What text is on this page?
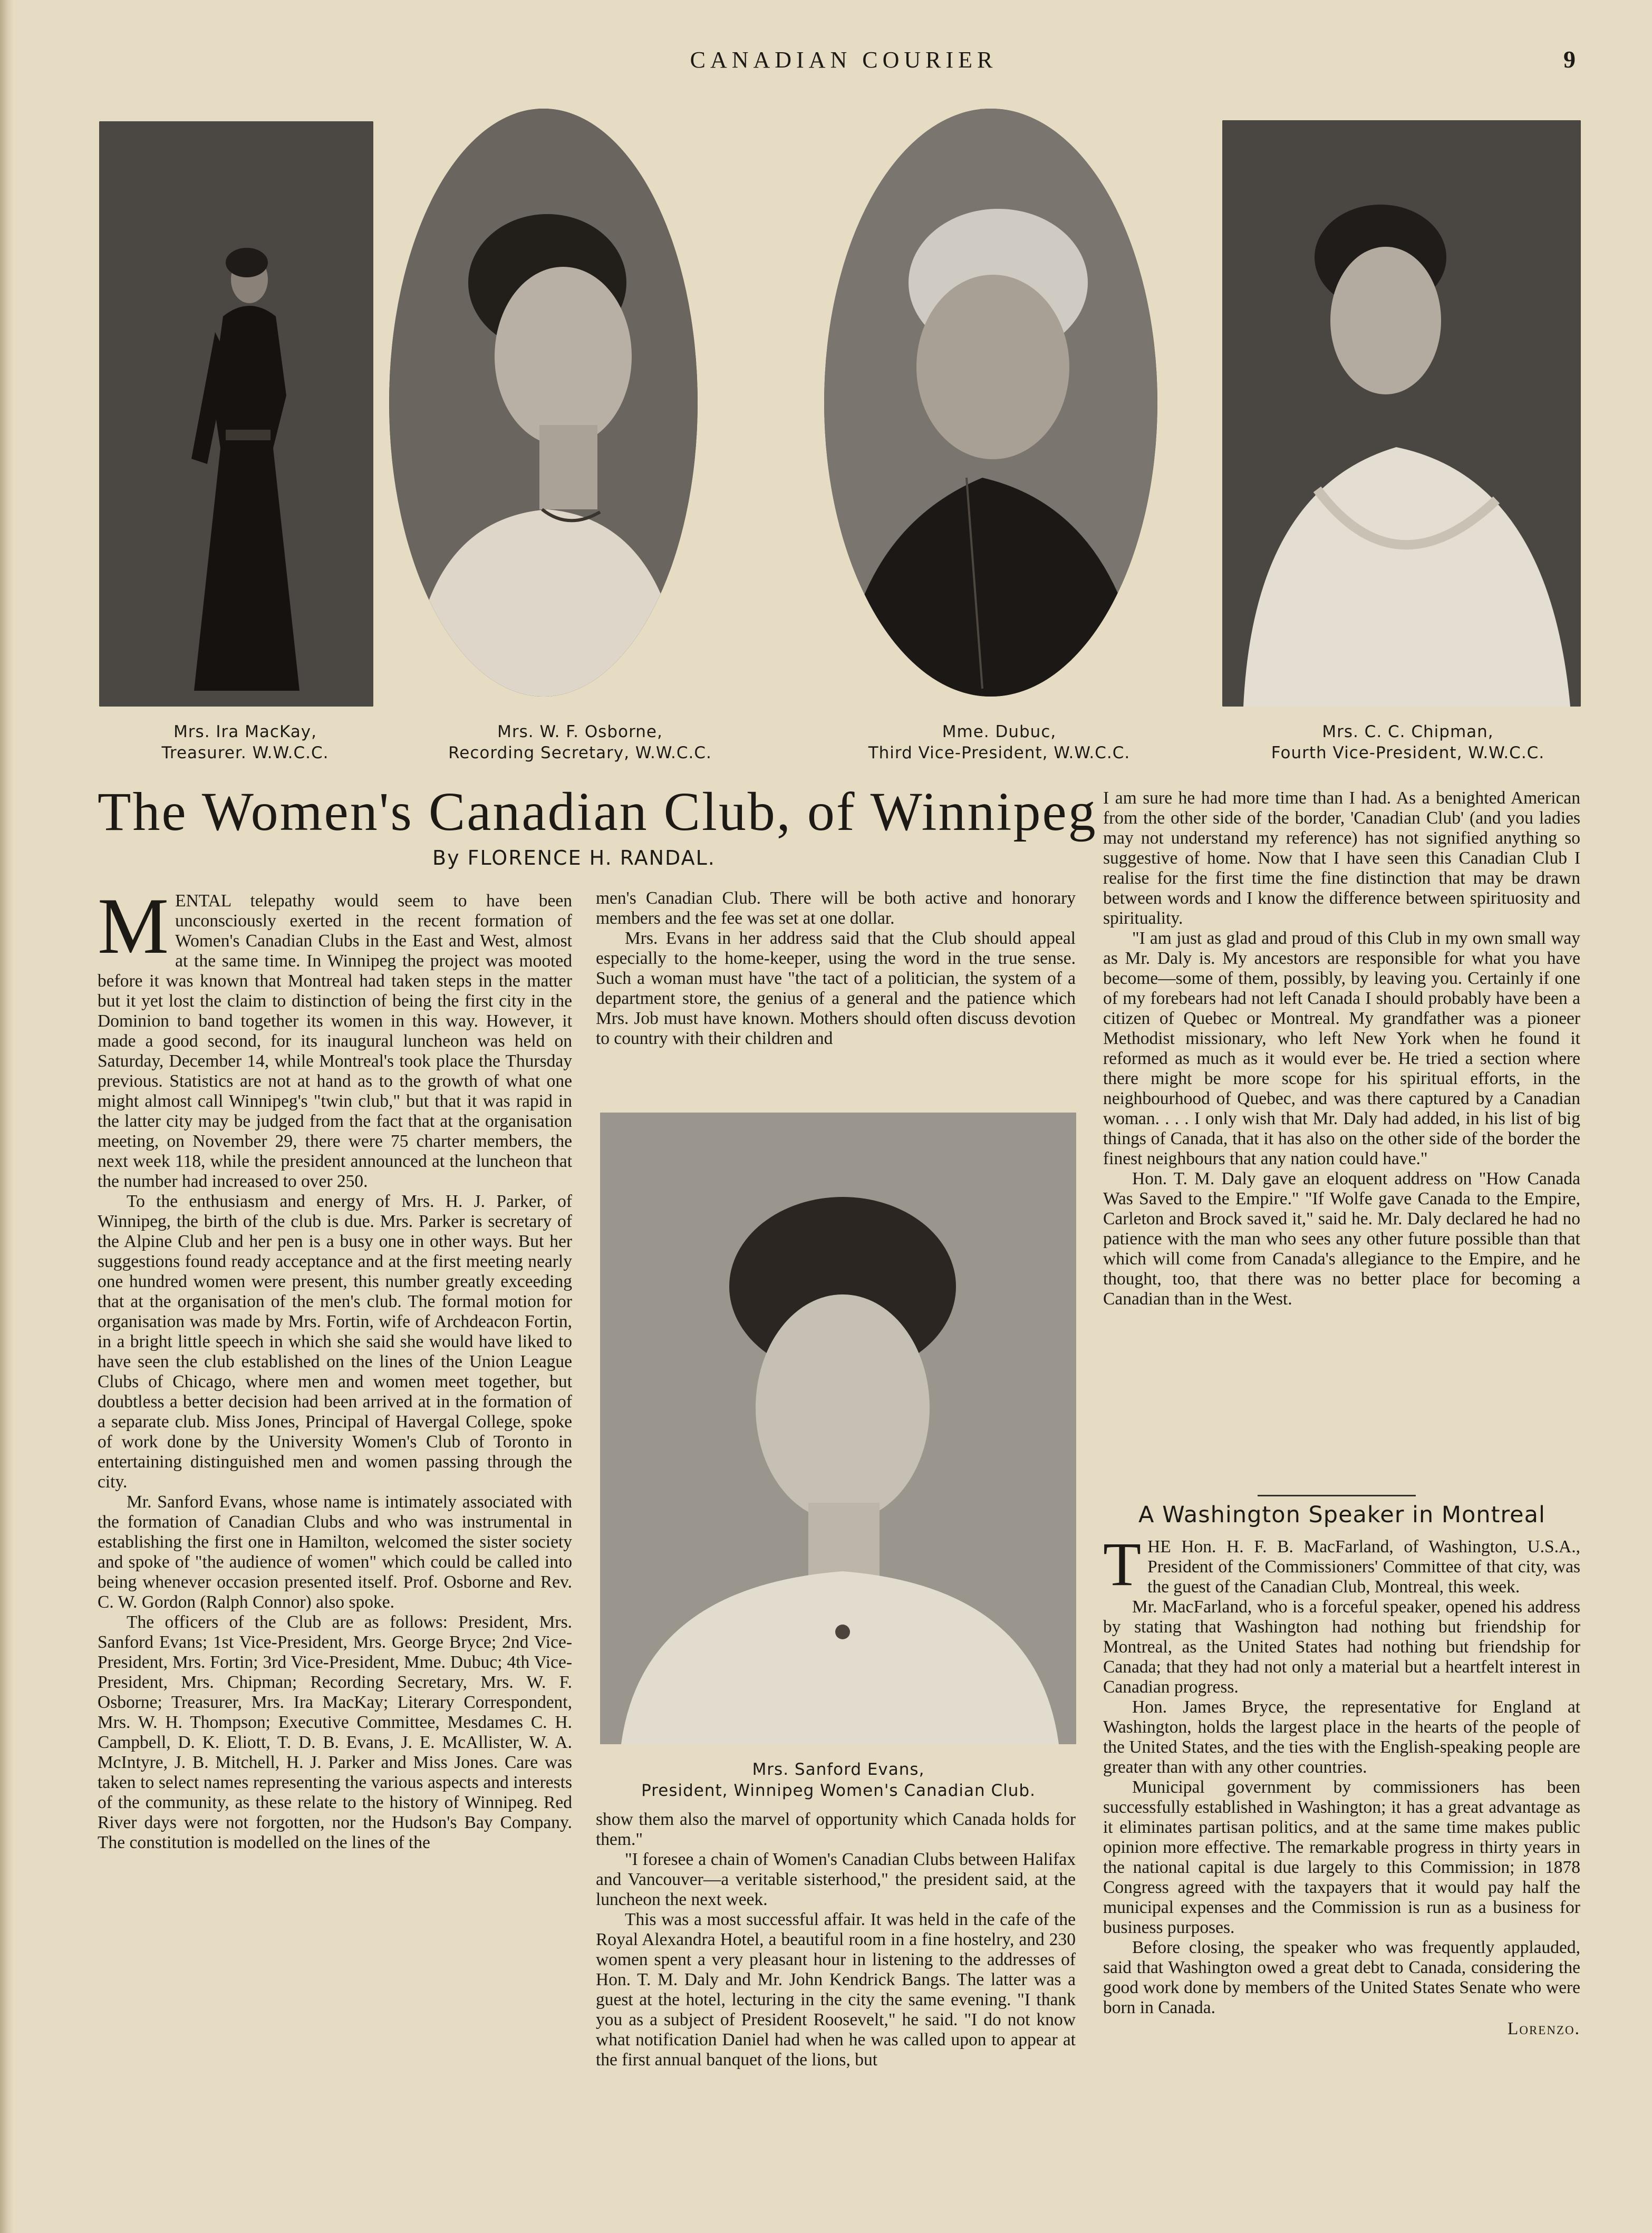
CANADIAN COURIER	9
Mrs. Ira MacKay,
Treasurer. W.W.C.C.
Mrs. W. F. Osborne,
Recording Secretary, W.W.C.C.
Mme. Dubuc,
Third Vice-President, W.W.C.C.
Mrs. C. C. Chipman,
Fourth Vice-President, W.W.C.C.
The Women's Canadian Club, of Winnipeg
By FLORENCE H. RANDAL.

MENTAL telepathy would seem to have been unconsciously exerted in the recent formation of Women's Canadian Clubs in the East and West, almost at the same time. In Winnipeg the project was mooted before it was known that Montreal had taken steps in the matter but it yet lost the claim to distinction of being the first city in the Dominion to band together its women in this way. However, it made a good second, for its inaugural luncheon was held on Saturday, December 14, while Montreal's took place the Thursday previous. Statistics are not at hand as to the growth of what one might almost call Winnipeg's "twin club," but that it was rapid in the latter city may be judged from the fact that at the organisation meeting, on November 29, there were 75 charter members, the next week 118, while the president announced at the luncheon that the number had increased to over 250.

To the enthusiasm and energy of Mrs. H. J. Parker, of Winnipeg, the birth of the club is due. Mrs. Parker is secretary of the Alpine Club and her pen is a busy one in other ways. But her suggestions found ready acceptance and at the first meeting nearly one hundred women were present, this number greatly exceeding that at the organisation of the men's club. The formal motion for organisation was made by Mrs. Fortin, wife of Archdeacon Fortin, in a bright little speech in which she said she would have liked to have seen the club established on the lines of the Union League Clubs of Chicago, where men and women meet together, but doubtless a better decision had been arrived at in the formation of a separate club. Miss Jones, Principal of Havergal College, spoke of work done by the University Women's Club of Toronto in entertaining distinguished men and women passing through the city.

Mr. Sanford Evans, whose name is intimately associated with the formation of Canadian Clubs and who was instrumental in establishing the first one in Hamilton, welcomed the sister society and spoke of "the audience of women" which could be called into being whenever occasion presented itself. Prof. Osborne and Rev. C. W. Gordon (Ralph Connor) also spoke.

The officers of the Club are as follows: President, Mrs. Sanford Evans; 1st Vice-President, Mrs. George Bryce; 2nd Vice-President, Mrs. Fortin; 3rd Vice-President, Mme. Dubuc; 4th Vice-President, Mrs. Chipman; Recording Secretary, Mrs. W. F. Osborne; Treasurer, Mrs. Ira MacKay; Literary Correspondent, Mrs. W. H. Thompson; Executive Committee, Mesdames C. H. Campbell, D. K. Eliott, T. D. B. Evans, J. E. McAllister, W. A. McIntyre, J. B. Mitchell, H. J. Parker and Miss Jones. Care was taken to select names representing the various aspects and interests of the community, as these relate to the history of Winnipeg. Red River days were not forgotten, nor the Hudson's Bay Company. The constitution is modelled on the lines of the

men's Canadian Club. There will be both active and honorary members and the fee was set at one dollar.

Mrs. Evans in her address said that the Club should appeal especially to the home-keeper, using the word in the true sense. Such a woman must have "the tact of a politician, the system of a department store, the genius of a general and the patience which Mrs. Job must have known. Mothers should often discuss devotion to country with their children and

Mrs. Sanford Evans,
President, Winnipeg Women's Canadian Club.

show them also the marvel of opportunity which Canada holds for them."

"I foresee a chain of Women's Canadian Clubs between Halifax and Vancouver—a veritable sisterhood," the president said, at the luncheon the next week.

This was a most successful affair. It was held in the cafe of the Royal Alexandra Hotel, a beautiful room in a fine hostelry, and 230 women spent a very pleasant hour in listening to the addresses of Hon. T. M. Daly and Mr. John Kendrick Bangs. The latter was a guest at the hotel, lecturing in the city the same evening. "I thank you as a subject of President Roosevelt," he said. "I do not know what notification Daniel had when he was called upon to appear at the first annual banquet of the lions, but

I am sure he had more time than I had. As a benighted American from the other side of the border, 'Canadian Club' (and you ladies may not understand my reference) has not signified anything so suggestive of home. Now that I have seen this Canadian Club I realise for the first time the fine distinction that may be drawn between words and I know the difference between spirituosity and spirituality.

"I am just as glad and proud of this Club in my own small way as Mr. Daly is. My ancestors are responsible for what you have become—some of them, possibly, by leaving you. Certainly if one of my forebears had not left Canada I should probably have been a citizen of Quebec or Montreal. My grandfather was a pioneer Methodist missionary, who left New York when he found it reformed as much as it would ever be. He tried a section where there might be more scope for his spiritual efforts, in the neighbourhood of Quebec, and was there captured by a Canadian woman. . . . I only wish that Mr. Daly had added, in his list of big things of Canada, that it has also on the other side of the border the finest neighbours that any nation could have."

Hon. T. M. Daly gave an eloquent address on "How Canada Was Saved to the Empire." "If Wolfe gave Canada to the Empire, Carleton and Brock saved it," said he. Mr. Daly declared he had no patience with the man who sees any other future possible than that which will come from Canada's allegiance to the Empire, and he thought, too, that there was no better place for becoming a Canadian than in the West.

A Washington Speaker in Montreal

THE Hon. H. F. B. MacFarland, of Washington, U.S.A., President of the Commissioners' Committee of that city, was the guest of the Canadian Club, Montreal, this week.

Mr. MacFarland, who is a forceful speaker, opened his address by stating that Washington had nothing but friendship for Montreal, as the United States had nothing but friendship for Canada; that they had not only a material but a heartfelt interest in Canadian progress.

Hon. James Bryce, the representative for England at Washington, holds the largest place in the hearts of the people of the United States, and the ties with the English-speaking people are greater than with any other countries.

Municipal government by commissioners has been successfully established in Washington; it has a great advantage as it eliminates partisan politics, and at the same time makes public opinion more effective. The remarkable progress in thirty years in the national capital is due largely to this Commission; in 1878 Congress agreed with the taxpayers that it would pay half the municipal expenses and the Commission is run as a business for business purposes.

Before closing, the speaker who was frequently applauded, said that Washington owed a great debt to Canada, considering the good work done by members of the United States Senate who were born in Canada.

Lorenzo.
